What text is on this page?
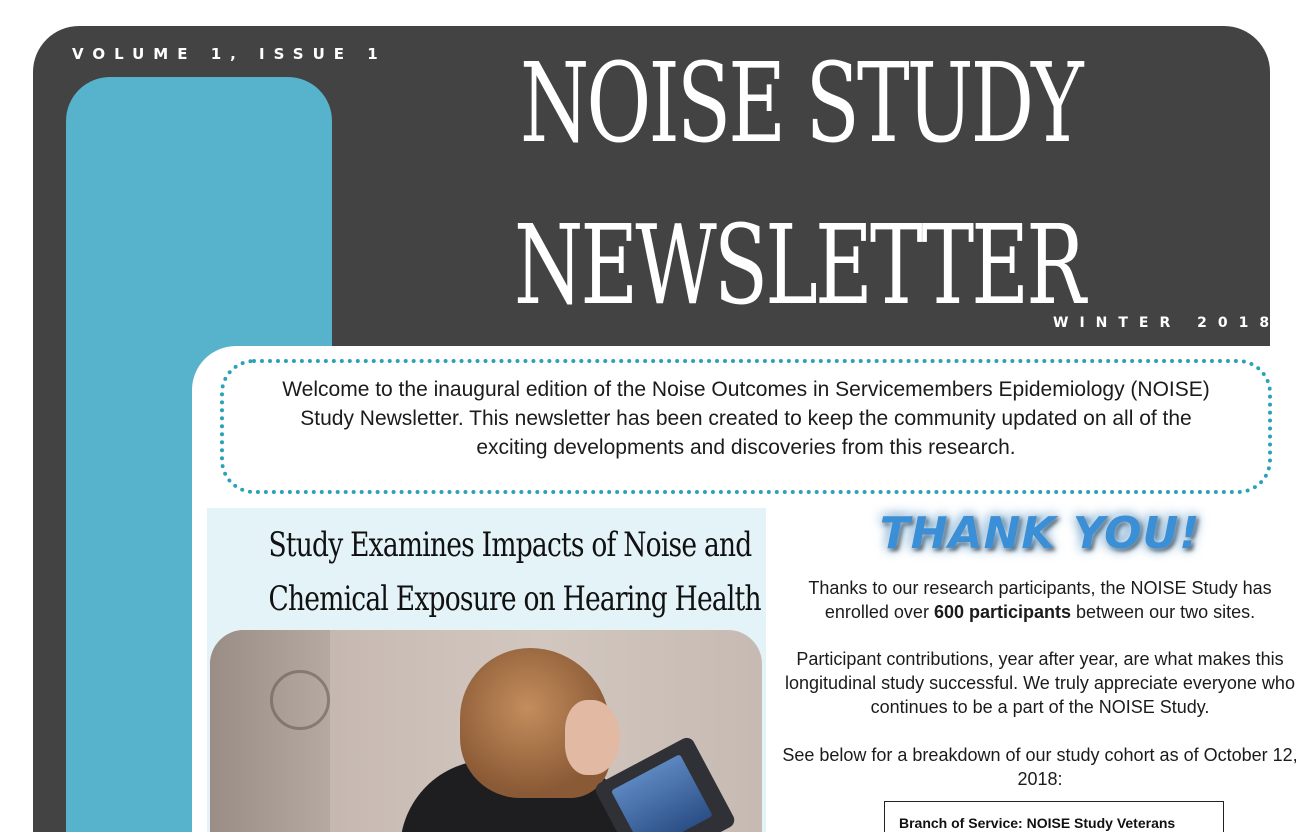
VOLUME 1, ISSUE 1 NOISE STUDY
NEWSLETTER
WINTER 2018

Welcome to the inaugural edition of the Noise Outcomes in Servicemembers Epidemiology (NOISE) Study Newsletter. This newsletter has been created to keep the community updated on all of the exciting developments and discoveries from this research.

Study Examines Impacts of Noise and
Chemical Exposure on Hearing Health
THANK YOU!
Thanks to our research participants, the NOISE Study has enrolled over 600 participants between our two sites.
Participant contributions, year after year, are what makes this longitudinal study successful. We truly appreciate everyone who continues to be a part of the NOISE Study.
See below for a breakdown of our study cohort as of October 12, 2018:
Branch of Service: NOISE Study Veterans
